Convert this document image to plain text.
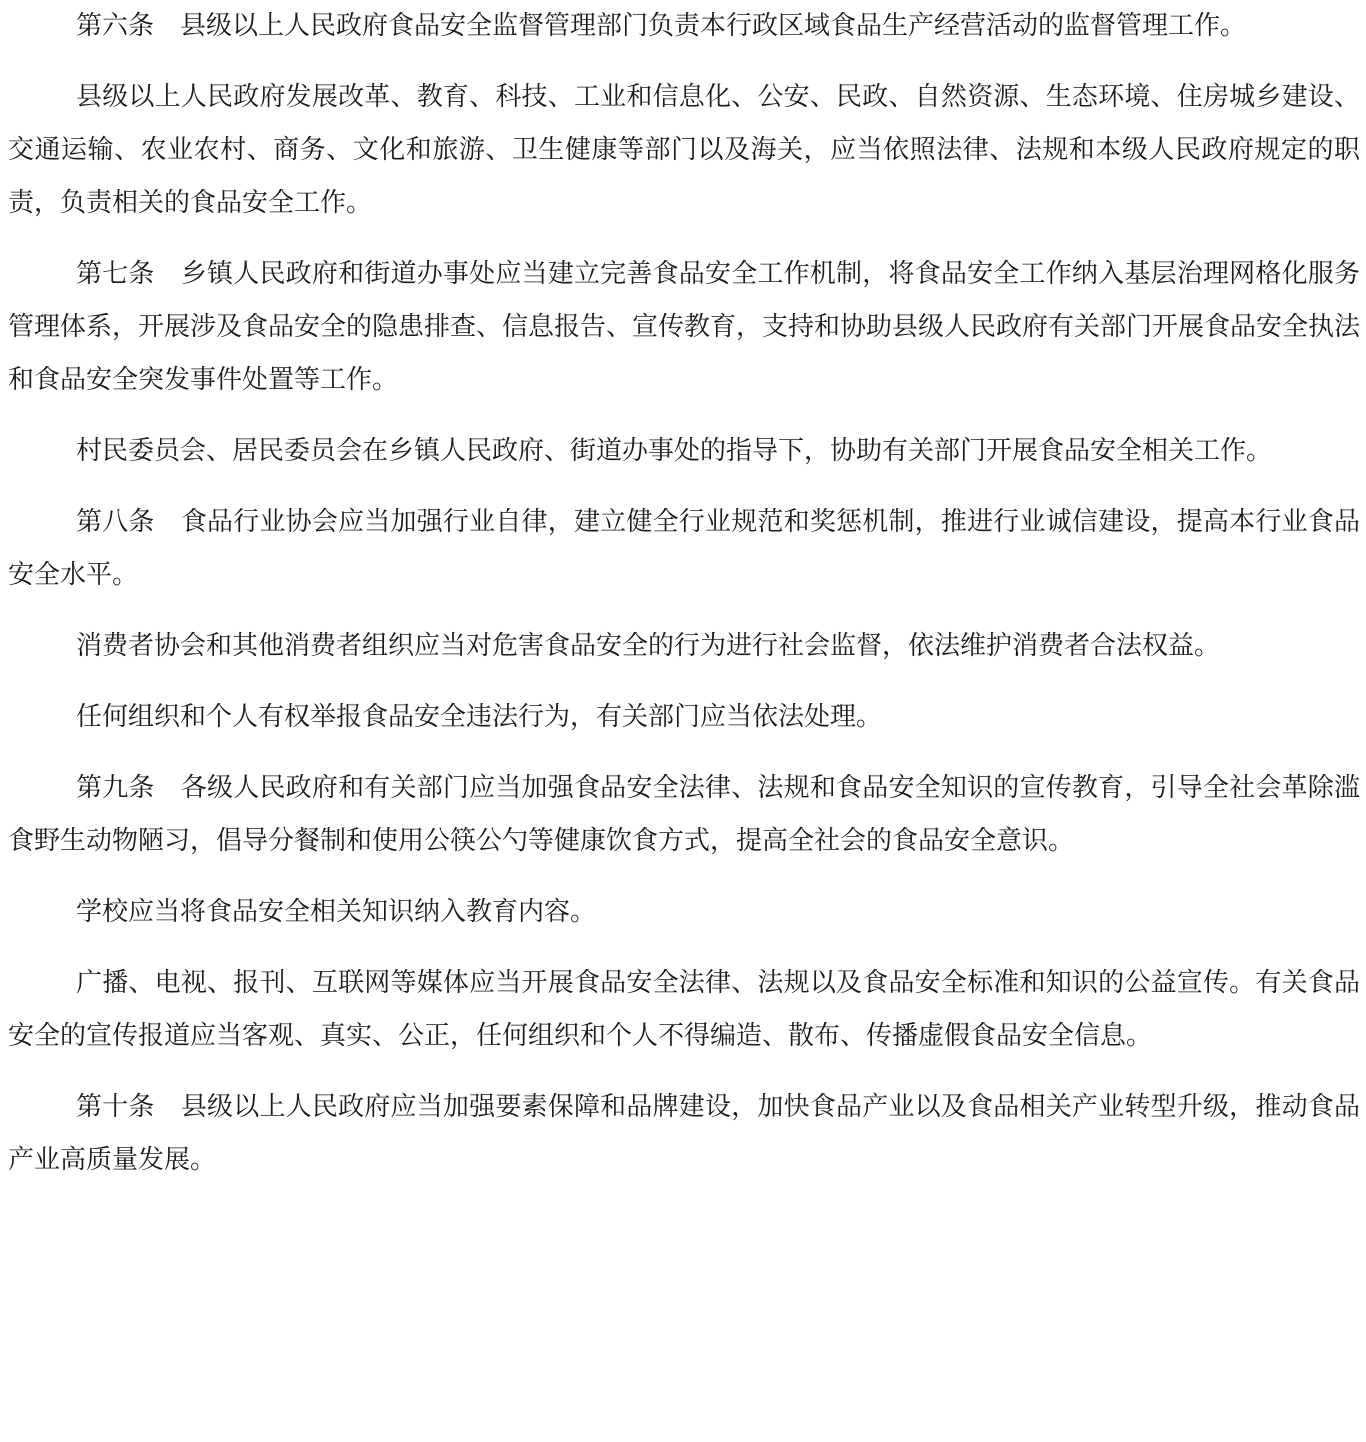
第六条　县级以上人民政府食品安全监督管理部门负责本行政区域食品生产经营活动的监督管理工作。

县级以上人民政府发展改革、教育、科技、工业和信息化、公安、民政、自然资源、生态环境、住房城乡建设、交通运输、农业农村、商务、文化和旅游、卫生健康等部门以及海关，应当依照法律、法规和本级人民政府规定的职责，负责相关的食品安全工作。

第七条　乡镇人民政府和街道办事处应当建立完善食品安全工作机制，将食品安全工作纳入基层治理网格化服务管理体系，开展涉及食品安全的隐患排查、信息报告、宣传教育，支持和协助县级人民政府有关部门开展食品安全执法和食品安全突发事件处置等工作。

村民委员会、居民委员会在乡镇人民政府、街道办事处的指导下，协助有关部门开展食品安全相关工作。

第八条　食品行业协会应当加强行业自律，建立健全行业规范和奖惩机制，推进行业诚信建设，提高本行业食品安全水平。

消费者协会和其他消费者组织应当对危害食品安全的行为进行社会监督，依法维护消费者合法权益。

任何组织和个人有权举报食品安全违法行为，有关部门应当依法处理。

第九条　各级人民政府和有关部门应当加强食品安全法律、法规和食品安全知识的宣传教育，引导全社会革除滥食野生动物陋习，倡导分餐制和使用公筷公勺等健康饮食方式，提高全社会的食品安全意识。

学校应当将食品安全相关知识纳入教育内容。

广播、电视、报刊、互联网等媒体应当开展食品安全法律、法规以及食品安全标准和知识的公益宣传。有关食品安全的宣传报道应当客观、真实、公正，任何组织和个人不得编造、散布、传播虚假食品安全信息。

第十条　县级以上人民政府应当加强要素保障和品牌建设，加快食品产业以及食品相关产业转型升级，推动食品产业高质量发展。
